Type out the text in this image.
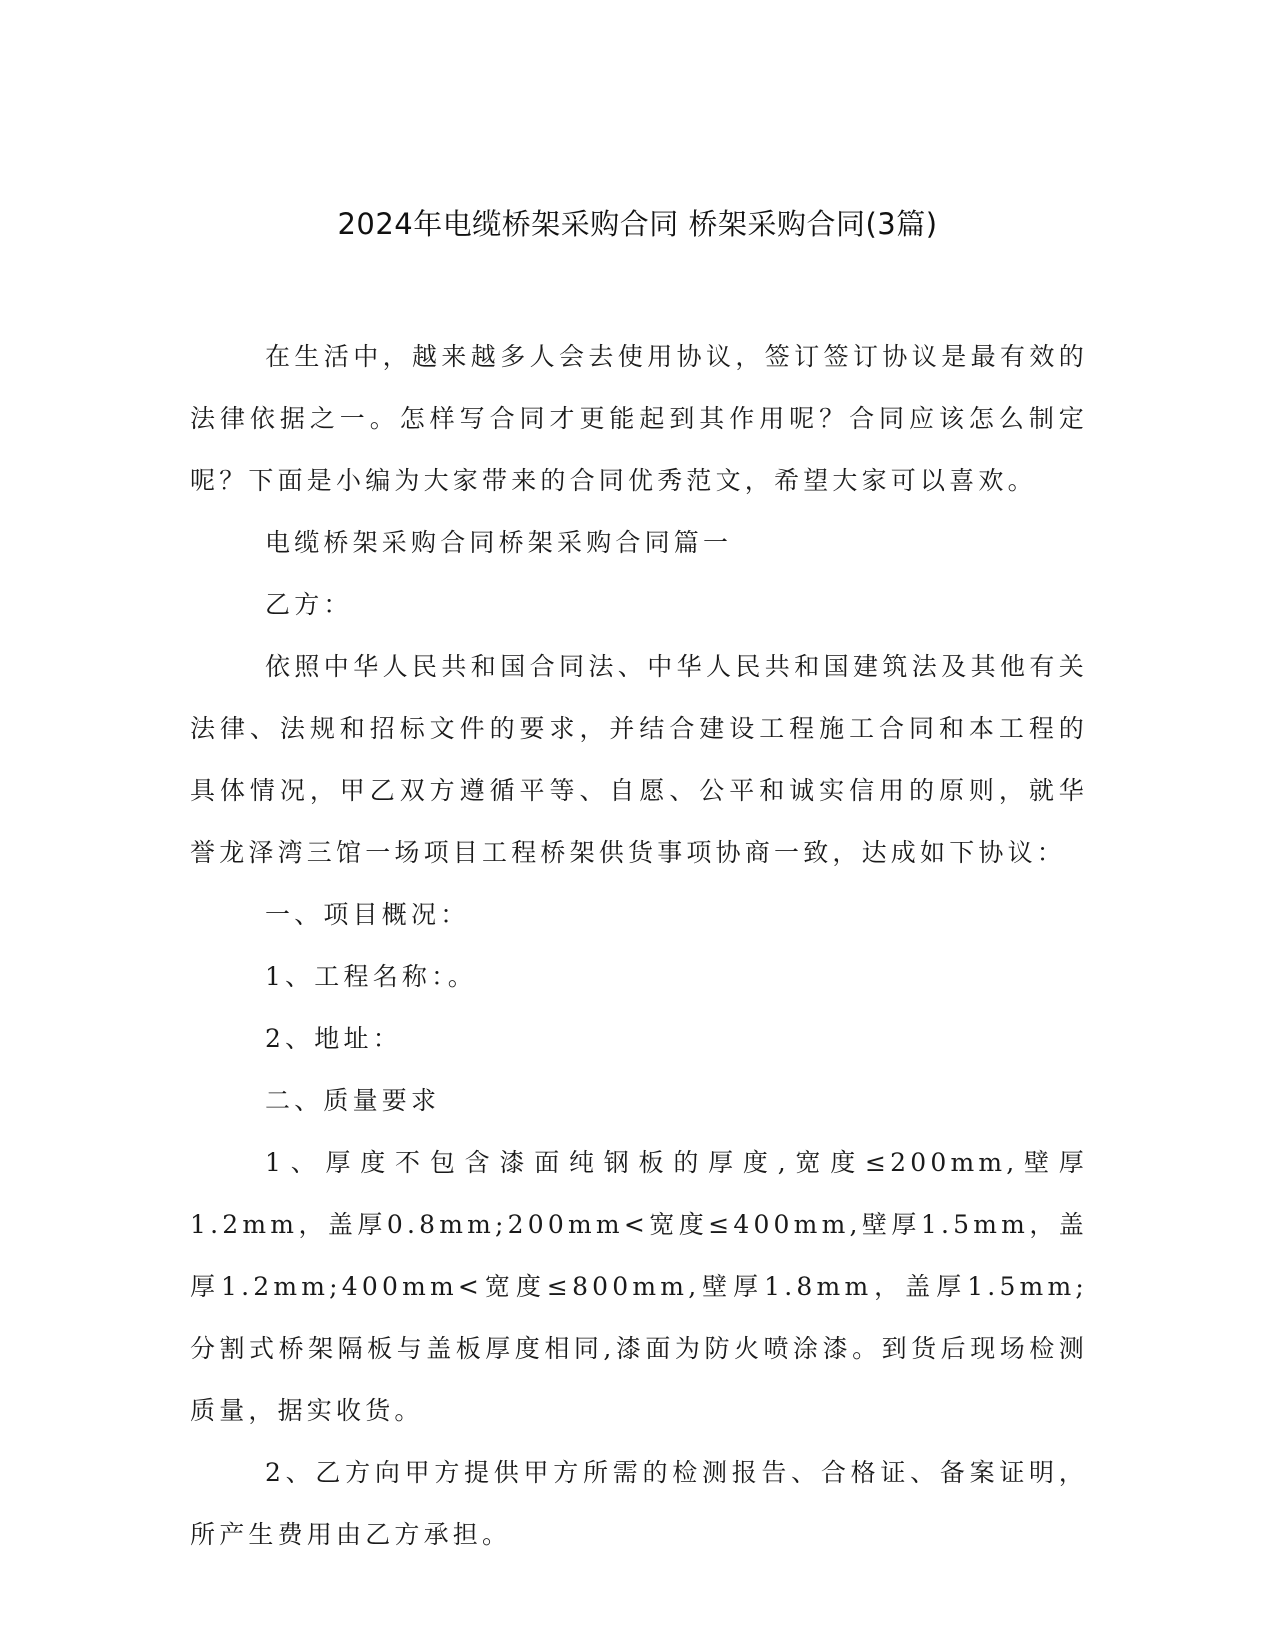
2024年电缆桥架采购合同 桥架采购合同(3篇)

在生活中，越来越多人会去使用协议，签订签订协议是最有效的法律依据之一。怎样写合同才更能起到其作用呢？合同应该怎么制定呢？下面是小编为大家带来的合同优秀范文，希望大家可以喜欢。

电缆桥架采购合同桥架采购合同篇一

乙方：

依照中华人民共和国合同法、中华人民共和国建筑法及其他有关法律、法规和招标文件的要求，并结合建设工程施工合同和本工程的具体情况，甲乙双方遵循平等、自愿、公平和诚实信用的原则，就华誉龙泽湾三馆一场项目工程桥架供货事项协商一致，达成如下协议：

一、项目概况：

1、工程名称：。

2、地址：

二、质量要求

1、厚度不包含漆面纯钢板的厚度,宽度≤200mm,壁厚1.2mm，盖厚0.8mm;200mm<宽度≤400mm,壁厚1.5mm，盖厚1.2mm;400mm<宽度≤800mm,壁厚1.8mm，盖厚1.5mm;分割式桥架隔板与盖板厚度相同,漆面为防火喷涂漆。到货后现场检测质量，据实收货。

2、乙方向甲方提供甲方所需的检测报告、合格证、备案证明，所产生费用由乙方承担。
